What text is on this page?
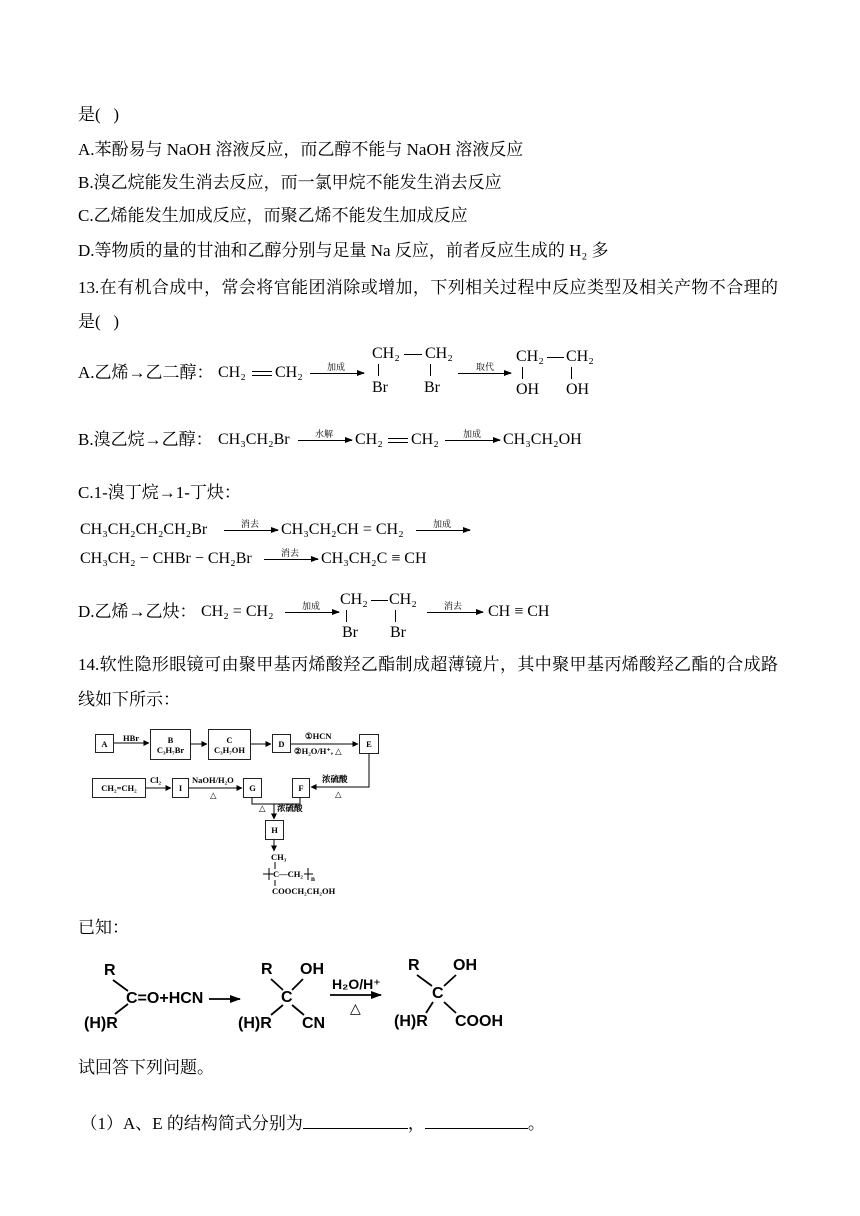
是(   )
A.苯酚易与 NaOH 溶液反应，而乙醇不能与 NaOH 溶液反应
B.溴乙烷能发生消去反应，而一氯甲烷不能发生消去反应
C.乙烯能发生加成反应，而聚乙烯不能发生加成反应
D.等物质的量的甘油和乙醇分别与足量 Na 反应，前者反应生成的 H₂ 多
13.在有机合成中，常会将官能团消除或增加，下列相关过程中反应类型及相关产物不合理的
是(   )
A.乙烯→乙二醇： CH₂ CH₂	加成
CH₂ CH₂
Br Br
取代
CH₂ CH₂
OH OH
B.溴乙烷→乙醇： CH₃CH₂Br	水解 CH₂ CH₂	加成 CH₃CH₂OH
C.1-溴丁烷→1-丁炔：
CH₃CH₂CH₂CH₂Br	消去 CH₃CH₂CH = CH₂	加成
CH₃CH₂ − CHBr − CH₂Br	消去 CH₃CH₂C ≡ CH
D.乙烯→乙炔： CH₂ = CH₂	加成 CH₂ CH₂
Br Br
消去 CH ≡ CH
14.软性隐形眼镜可由聚甲基丙烯酸羟乙酯制成超薄镜片，其中聚甲基丙烯酸羟乙酯的合成路
线如下所示：
A
HBr	B
C₃H₇Br
C
C₃H₇OH
D
①HCN
②H₂O/H⁺, △
E
浓硫酸
△
CH₂=CH₂
Cl₂
I
NaOH/H₂O
△
G	F
△ 浓硫酸
H
CH₃
C—CH₂ n
COOCH₂CH₂OH
已知：
R
C=O+HCN
(H)R
R OH
C
(H)R CN
H₂O/H⁺
△
R OH
C
(H)R COOH
试回答下列问题。

（1）A、E 的结构简式分别为	，	。
